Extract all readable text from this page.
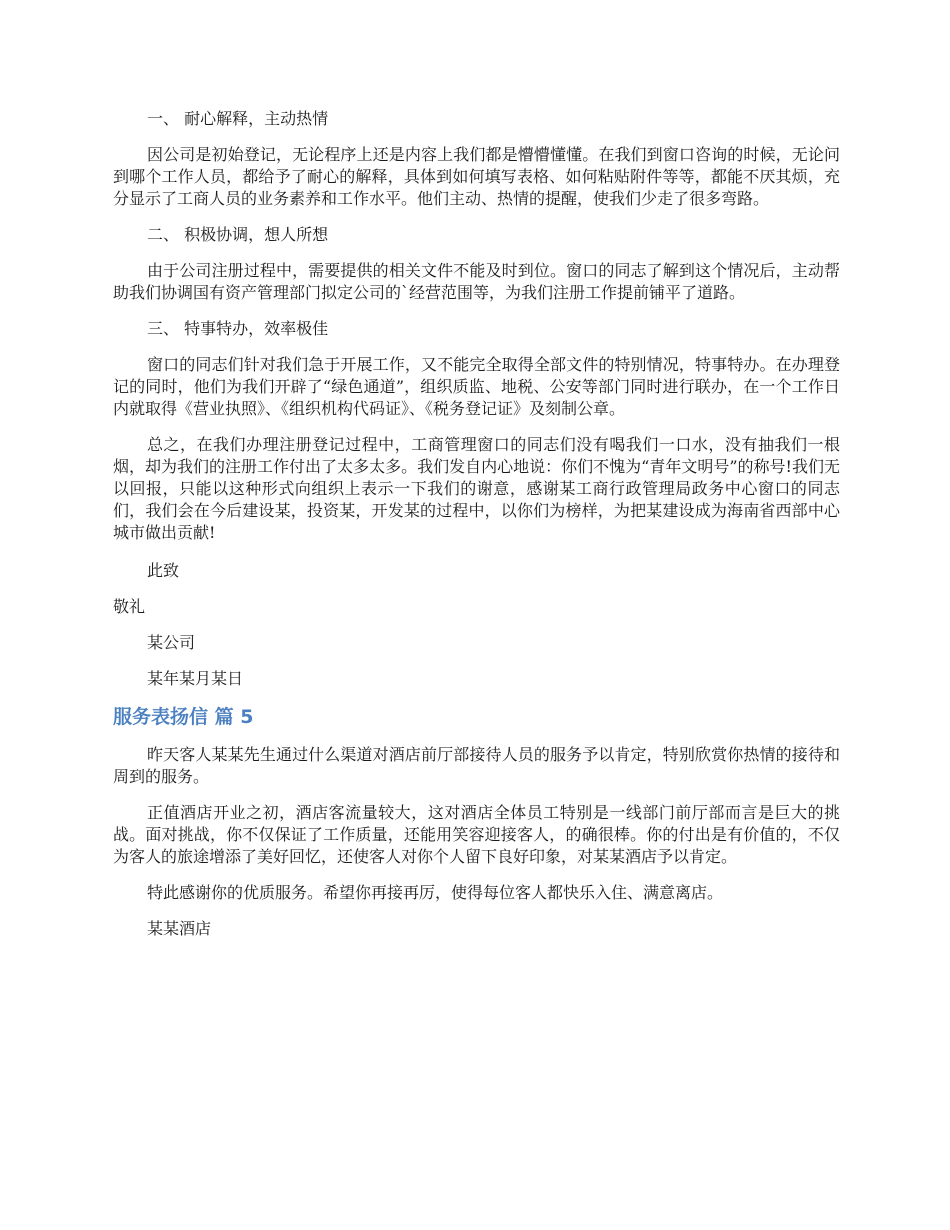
一、 耐心解释，主动热情

因公司是初始登记，无论程序上还是内容上我们都是懵懵懂懂。在我们到窗口咨询的时候，无论问到哪个工作人员，都给予了耐心的解释，具体到如何填写表格、如何粘贴附件等等，都能不厌其烦，充分显示了工商人员的业务素养和工作水平。他们主动、热情的提醒，使我们少走了很多弯路。

二、 积极协调，想人所想

由于公司注册过程中，需要提供的相关文件不能及时到位。窗口的同志了解到这个情况后，主动帮助我们协调国有资产管理部门拟定公司的`经营范围等，为我们注册工作提前铺平了道路。

三、 特事特办，效率极佳

窗口的同志们针对我们急于开展工作，又不能完全取得全部文件的特别情况，特事特办。在办理登记的同时，他们为我们开辟了“绿色通道”，组织质监、地税、公安等部门同时进行联办，在一个工作日内就取得《营业执照》、《组织机构代码证》、《税务登记证》及刻制公章。

总之，在我们办理注册登记过程中，工商管理窗口的同志们没有喝我们一口水，没有抽我们一根烟，却为我们的注册工作付出了太多太多。我们发自内心地说：你们不愧为“青年文明号”的称号!我们无以回报，只能以这种形式向组织上表示一下我们的谢意，感谢某工商行政管理局政务中心窗口的同志们，我们会在今后建设某，投资某，开发某的过程中，以你们为榜样，为把某建设成为海南省西部中心城市做出贡献!

此致

敬礼

某公司

某年某月某日

服务表扬信 篇 5

昨天客人某某先生通过什么渠道对酒店前厅部接待人员的服务予以肯定，特别欣赏你热情的接待和周到的服务。

正值酒店开业之初，酒店客流量较大，这对酒店全体员工特别是一线部门前厅部而言是巨大的挑战。面对挑战，你不仅保证了工作质量，还能用笑容迎接客人，的确很棒。你的付出是有价值的，不仅为客人的旅途增添了美好回忆，还使客人对你个人留下良好印象，对某某酒店予以肯定。

特此感谢你的优质服务。希望你再接再厉，使得每位客人都快乐入住、满意离店。

某某酒店
